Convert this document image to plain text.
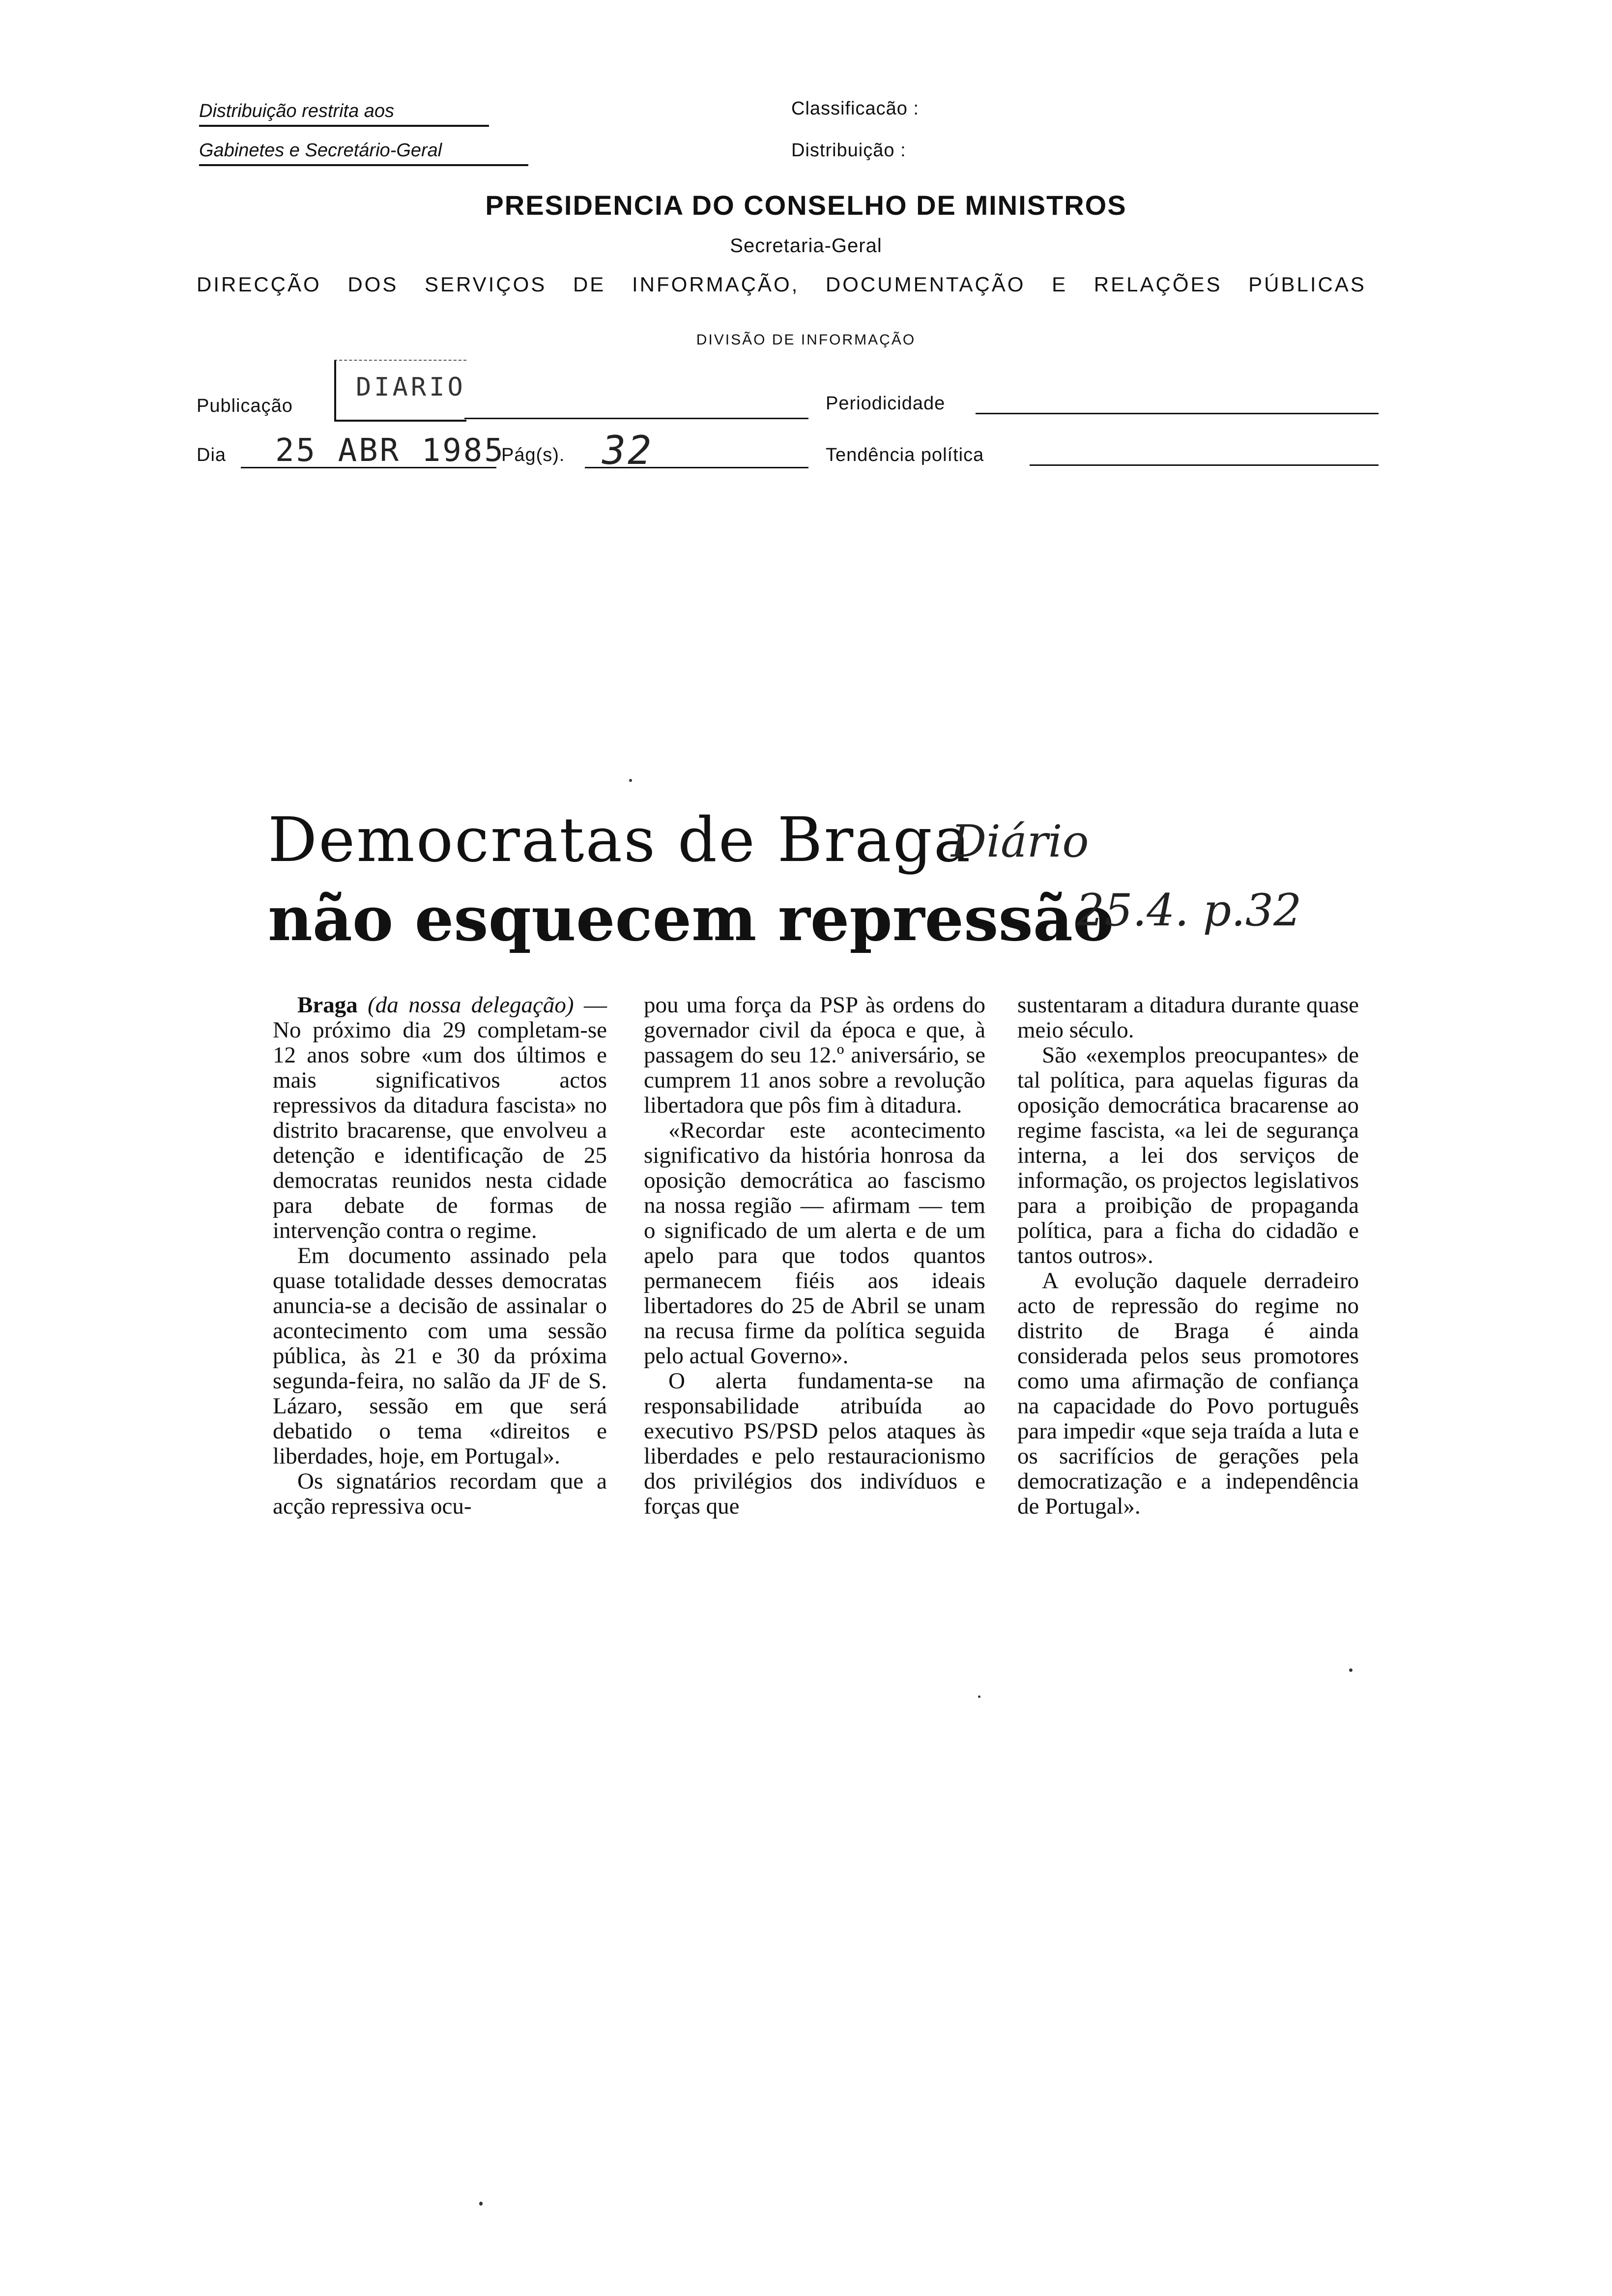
Distribuição restrita aos
Gabinetes e Secretário-Geral
Classificacão :
Distribuição :
PRESIDENCIA DO CONSELHO DE MINISTROS
Secretaria-Geral
DIRECÇÃO DOS SERVIÇOS DE INFORMAÇÃO, DOCUMENTAÇÃO E RELAÇÕES PÚBLICAS
DIVISÃO DE INFORMAÇÃO
Publicação
DIARIO
Periodicidade
Dia 25 ABR 1985
Pág(s). 32	Tendência política
Democratas de Braga
Diário
não esquecem repressão
25.4. p.32

Braga (da nossa delegação) — No próximo dia 29 completam-se 12 anos sobre «um dos últimos e mais significativos actos repressivos da ditadura fascista» no distrito bracarense, que envolveu a detenção e identificação de 25 democratas reunidos nesta cidade para debate de formas de intervenção contra o regime.

Em documento assinado pela quase totalidade desses democratas anuncia-se a decisão de assinalar o acontecimento com uma sessão pública, às 21 e 30 da próxima segunda-feira, no salão da JF de S. Lázaro, sessão em que será debatido o tema «direitos e liberdades, hoje, em Portugal».

Os signatários recordam que a acção repressiva ocu-

pou uma força da PSP às ordens do governador civil da época e que, à passagem do seu 12.º aniversário, se cumprem 11 anos sobre a revolução libertadora que pôs fim à ditadura.

«Recordar este acontecimento significativo da história honrosa da oposição democrática ao fascismo na nossa região — afirmam — tem o significado de um alerta e de um apelo para que todos quantos permanecem fiéis aos ideais libertadores do 25 de Abril se unam na recusa firme da política seguida pelo actual Governo».

O alerta fundamenta-se na responsabilidade atribuída ao executivo PS/PSD pelos ataques às liberdades e pelo restauracionismo dos privilégios dos indivíduos e forças que

sustentaram a ditadura durante quase meio século.

São «exemplos preocupantes» de tal política, para aquelas figuras da oposição democrática bracarense ao regime fascista, «a lei de segurança interna, a lei dos serviços de informação, os projectos legislativos para a proibição de propaganda política, para a ficha do cidadão e tantos outros».

A evolução daquele derradeiro acto de repressão do regime no distrito de Braga é ainda considerada pelos seus promotores como uma afirmação de confiança na capacidade do Povo português para impedir «que seja traída a luta e os sacrifícios de gerações pela democratização e a independência de Portugal».
